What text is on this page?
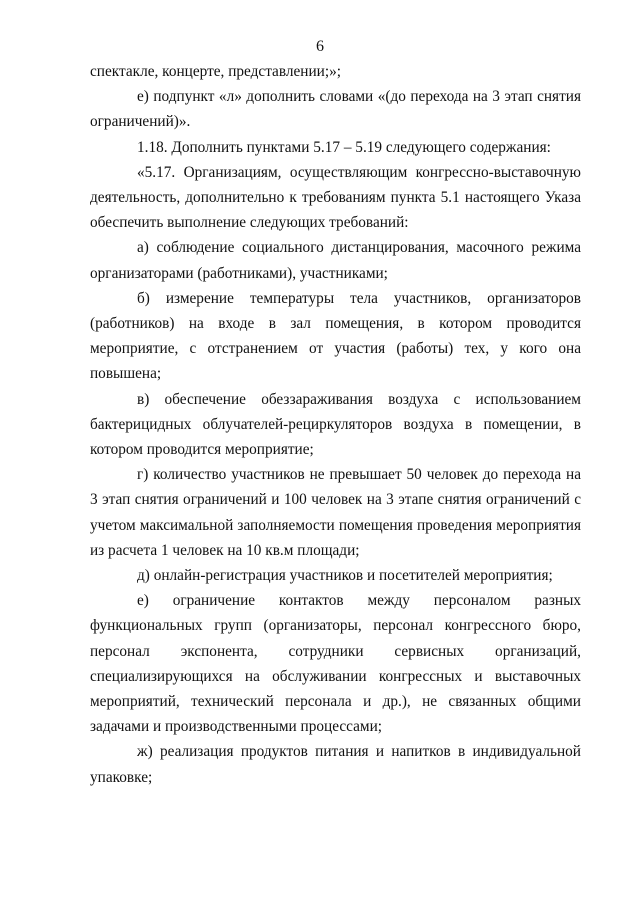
6

спектакле, концерте, представлении;»;

е) подпункт «л» дополнить словами «(до перехода на 3 этап снятия ограничений)».

1.18. Дополнить пунктами 5.17 – 5.19 следующего содержания:

«5.17. Организациям, осуществляющим конгрессно-выставочную деятельность, дополнительно к требованиям пункта 5.1 настоящего Указа обеспечить выполнение следующих требований:

а) соблюдение социального дистанцирования, масочного режима организаторами (работниками), участниками;

б) измерение температуры тела участников, организаторов (работников) на входе в зал помещения, в котором проводится мероприятие, с отстранением от участия (работы) тех, у кого она повышена;

в) обеспечение обеззараживания воздуха с использованием бактерицидных облучателей-рециркуляторов воздуха в помещении, в котором проводится мероприятие;

г) количество участников не превышает 50 человек до перехода на 3 этап снятия ограничений и 100 человек на 3 этапе снятия ограничений с учетом максимальной заполняемости помещения проведения мероприятия из расчета 1 человек на 10 кв.м площади;

д) онлайн-регистрация участников и посетителей мероприятия;

е) ограничение контактов между персоналом разных функциональных групп (организаторы, персонал конгрессного бюро, персонал экспонента, сотрудники сервисных организаций, специализирующихся на обслуживании конгрессных и выставочных мероприятий, технический персонала и др.), не связанных общими задачами и производственными процессами;

ж) реализация продуктов питания и напитков в индивидуальной упаковке;
